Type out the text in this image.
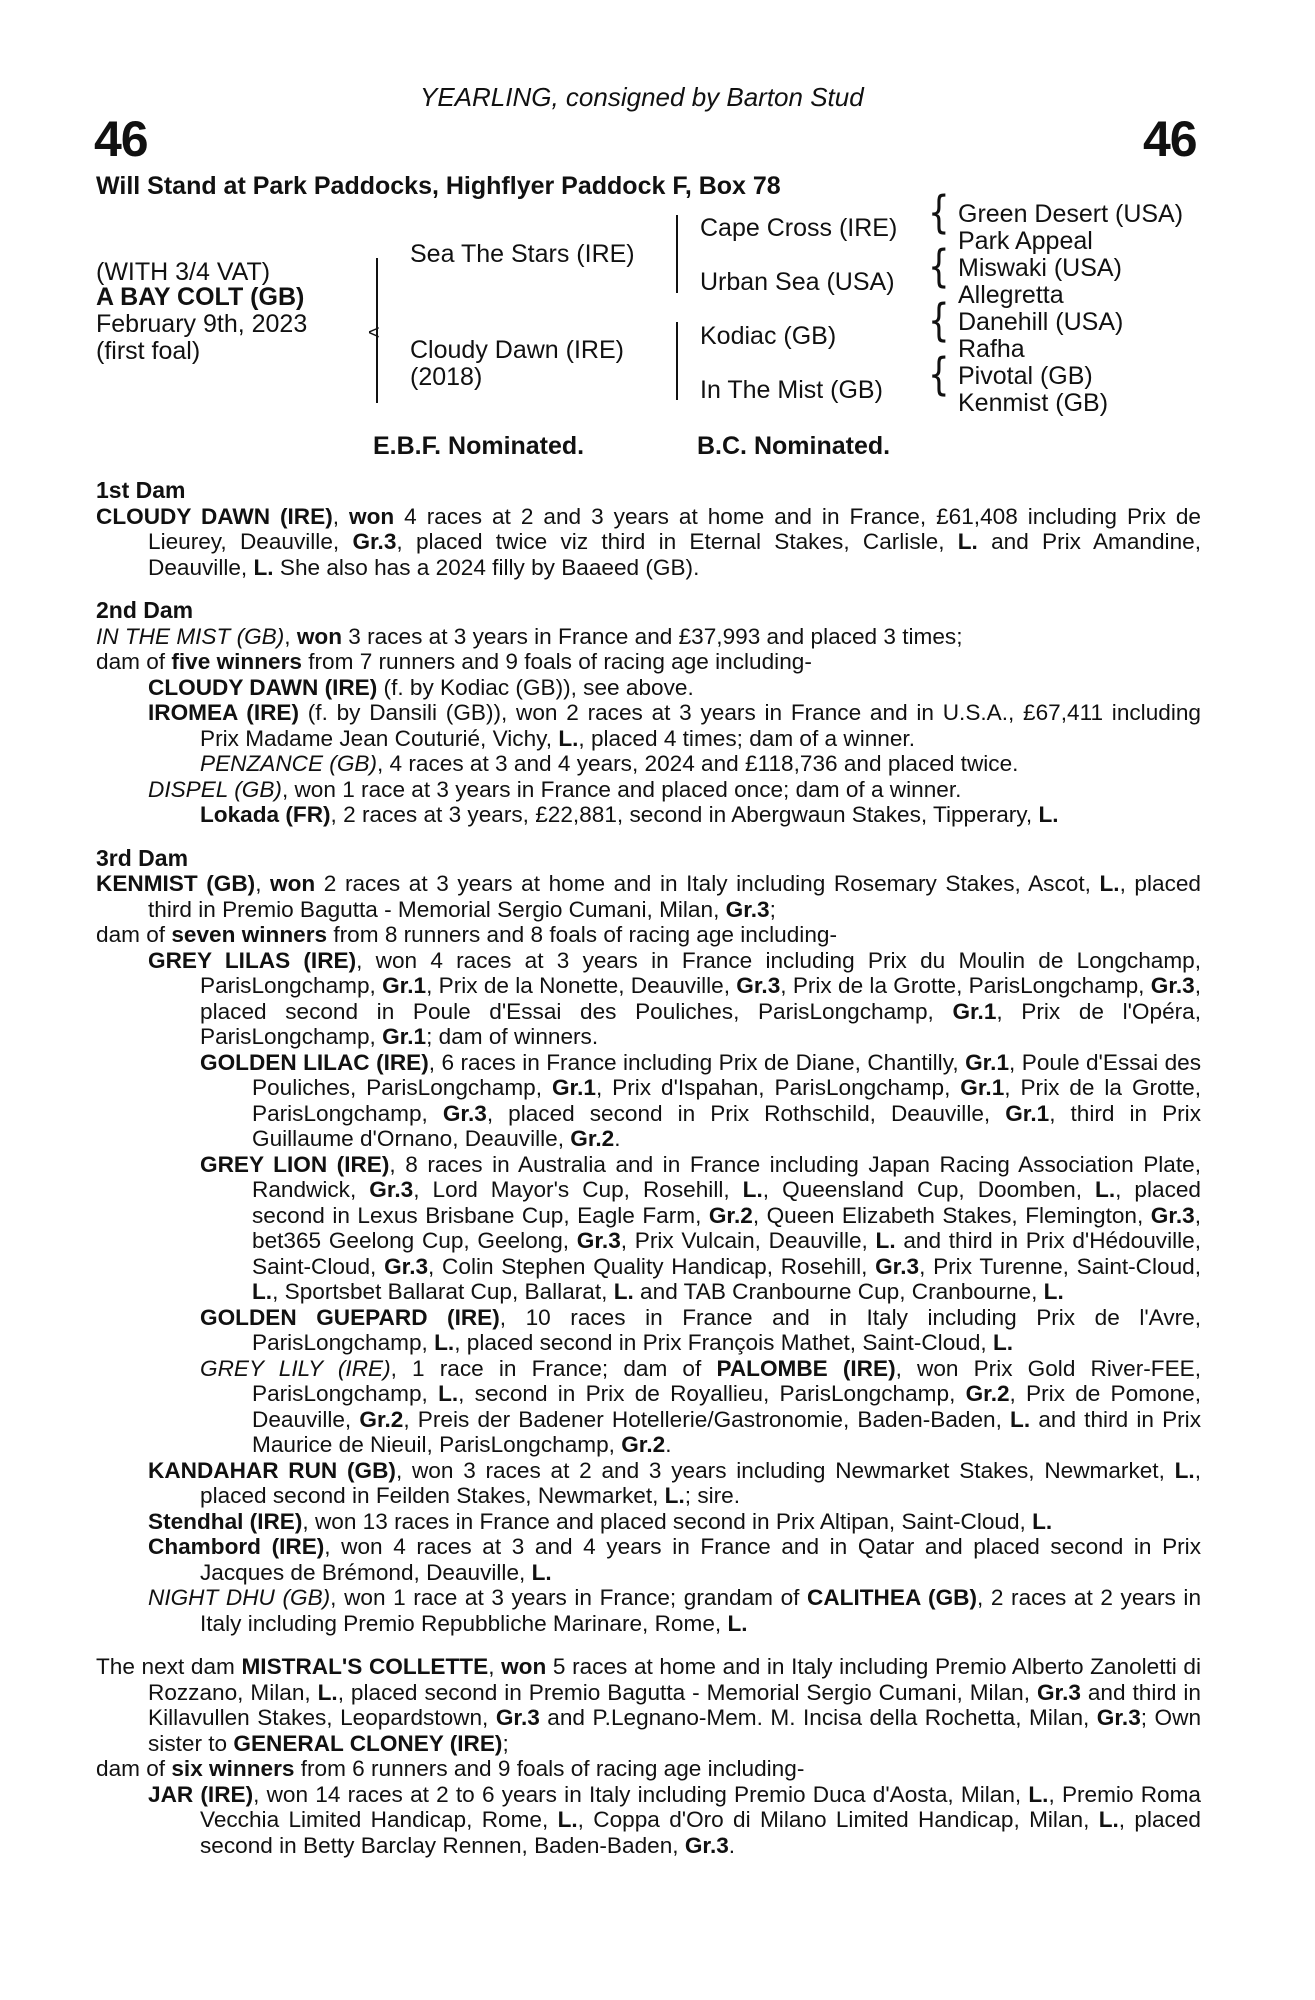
YEARLING, consigned by Barton Stud
46	46
Will Stand at Park Paddocks, Highflyer Paddock F, Box 78
(WITH 3/4 VAT)
A BAY COLT (GB)
February 9th, 2023
(first foal)
<
Sea The Stars (IRE)
Cloudy Dawn (IRE)
(2018)
Cape Cross (IRE)
Urban Sea (USA)
Kodiac (GB)
In The Mist (GB)
{
{
{
{
Green Desert (USA)
Park Appeal
Miswaki (USA)
Allegretta
Danehill (USA)
Rafha
Pivotal (GB)
Kenmist (GB)
E.B.F. Nominated.	B.C. Nominated.

1st Dam

CLOUDY DAWN (IRE), won 4 races at 2 and 3 years at home and in France, £61,408 including Prix de Lieurey, Deauville, Gr.3, placed twice viz third in Eternal Stakes, Carlisle, L. and Prix Amandine, Deauville, L. She also has a 2024 filly by Baaeed (GB).

2nd Dam

IN THE MIST (GB), won 3 races at 3 years in France and £37,993 and placed 3 times;

dam of five winners from 7 runners and 9 foals of racing age including-

CLOUDY DAWN (IRE) (f. by Kodiac (GB)), see above.

IROMEA (IRE) (f. by Dansili (GB)), won 2 races at 3 years in France and in U.S.A., £67,411 including Prix Madame Jean Couturié, Vichy, L., placed 4 times; dam of a winner.

PENZANCE (GB), 4 races at 3 and 4 years, 2024 and £118,736 and placed twice.

DISPEL (GB), won 1 race at 3 years in France and placed once; dam of a winner.

Lokada (FR), 2 races at 3 years, £22,881, second in Abergwaun Stakes, Tipperary, L.

3rd Dam

KENMIST (GB), won 2 races at 3 years at home and in Italy including Rosemary Stakes, Ascot, L., placed third in Premio Bagutta - Memorial Sergio Cumani, Milan, Gr.3;

dam of seven winners from 8 runners and 8 foals of racing age including-

GREY LILAS (IRE), won 4 races at 3 years in France including Prix du Moulin de Longchamp, ParisLongchamp, Gr.1, Prix de la Nonette, Deauville, Gr.3, Prix de la Grotte, ParisLongchamp, Gr.3, placed second in Poule d'Essai des Pouliches, ParisLongchamp, Gr.1, Prix de l'Opéra, ParisLongchamp, Gr.1; dam of winners.

GOLDEN LILAC (IRE), 6 races in France including Prix de Diane, Chantilly, Gr.1, Poule d'Essai des Pouliches, ParisLongchamp, Gr.1, Prix d'Ispahan, ParisLongchamp, Gr.1, Prix de la Grotte, ParisLongchamp, Gr.3, placed second in Prix Rothschild, Deauville, Gr.1, third in Prix Guillaume d'Ornano, Deauville, Gr.2.

GREY LION (IRE), 8 races in Australia and in France including Japan Racing Association Plate, Randwick, Gr.3, Lord Mayor's Cup, Rosehill, L., Queensland Cup, Doomben, L., placed second in Lexus Brisbane Cup, Eagle Farm, Gr.2, Queen Elizabeth Stakes, Flemington, Gr.3, bet365 Geelong Cup, Geelong, Gr.3, Prix Vulcain, Deauville, L. and third in Prix d'Hédouville, Saint-Cloud, Gr.3, Colin Stephen Quality Handicap, Rosehill, Gr.3, Prix Turenne, Saint-Cloud, L., Sportsbet Ballarat Cup, Ballarat, L. and TAB Cranbourne Cup, Cranbourne, L.

GOLDEN GUEPARD (IRE), 10 races in France and in Italy including Prix de l'Avre, ParisLongchamp, L., placed second in Prix François Mathet, Saint-Cloud, L.

GREY LILY (IRE), 1 race in France; dam of PALOMBE (IRE), won Prix Gold River-FEE, ParisLongchamp, L., second in Prix de Royallieu, ParisLongchamp, Gr.2, Prix de Pomone, Deauville, Gr.2, Preis der Badener Hotellerie/Gastronomie, Baden-Baden, L. and third in Prix Maurice de Nieuil, ParisLongchamp, Gr.2.

KANDAHAR RUN (GB), won 3 races at 2 and 3 years including Newmarket Stakes, Newmarket, L., placed second in Feilden Stakes, Newmarket, L.; sire.

Stendhal (IRE), won 13 races in France and placed second in Prix Altipan, Saint-Cloud, L.

Chambord (IRE), won 4 races at 3 and 4 years in France and in Qatar and placed second in Prix Jacques de Brémond, Deauville, L.

NIGHT DHU (GB), won 1 race at 3 years in France; grandam of CALITHEA (GB), 2 races at 2 years in Italy including Premio Repubbliche Marinare, Rome, L.

The next dam MISTRAL'S COLLETTE, won 5 races at home and in Italy including Premio Alberto Zanoletti di Rozzano, Milan, L., placed second in Premio Bagutta - Memorial Sergio Cumani, Milan, Gr.3 and third in Killavullen Stakes, Leopardstown, Gr.3 and P.Legnano-Mem. M. Incisa della Rochetta, Milan, Gr.3; Own sister to GENERAL CLONEY (IRE);

dam of six winners from 6 runners and 9 foals of racing age including-

JAR (IRE), won 14 races at 2 to 6 years in Italy including Premio Duca d'Aosta, Milan, L., Premio Roma Vecchia Limited Handicap, Rome, L., Coppa d'Oro di Milano Limited Handicap, Milan, L., placed second in Betty Barclay Rennen, Baden-Baden, Gr.3.
